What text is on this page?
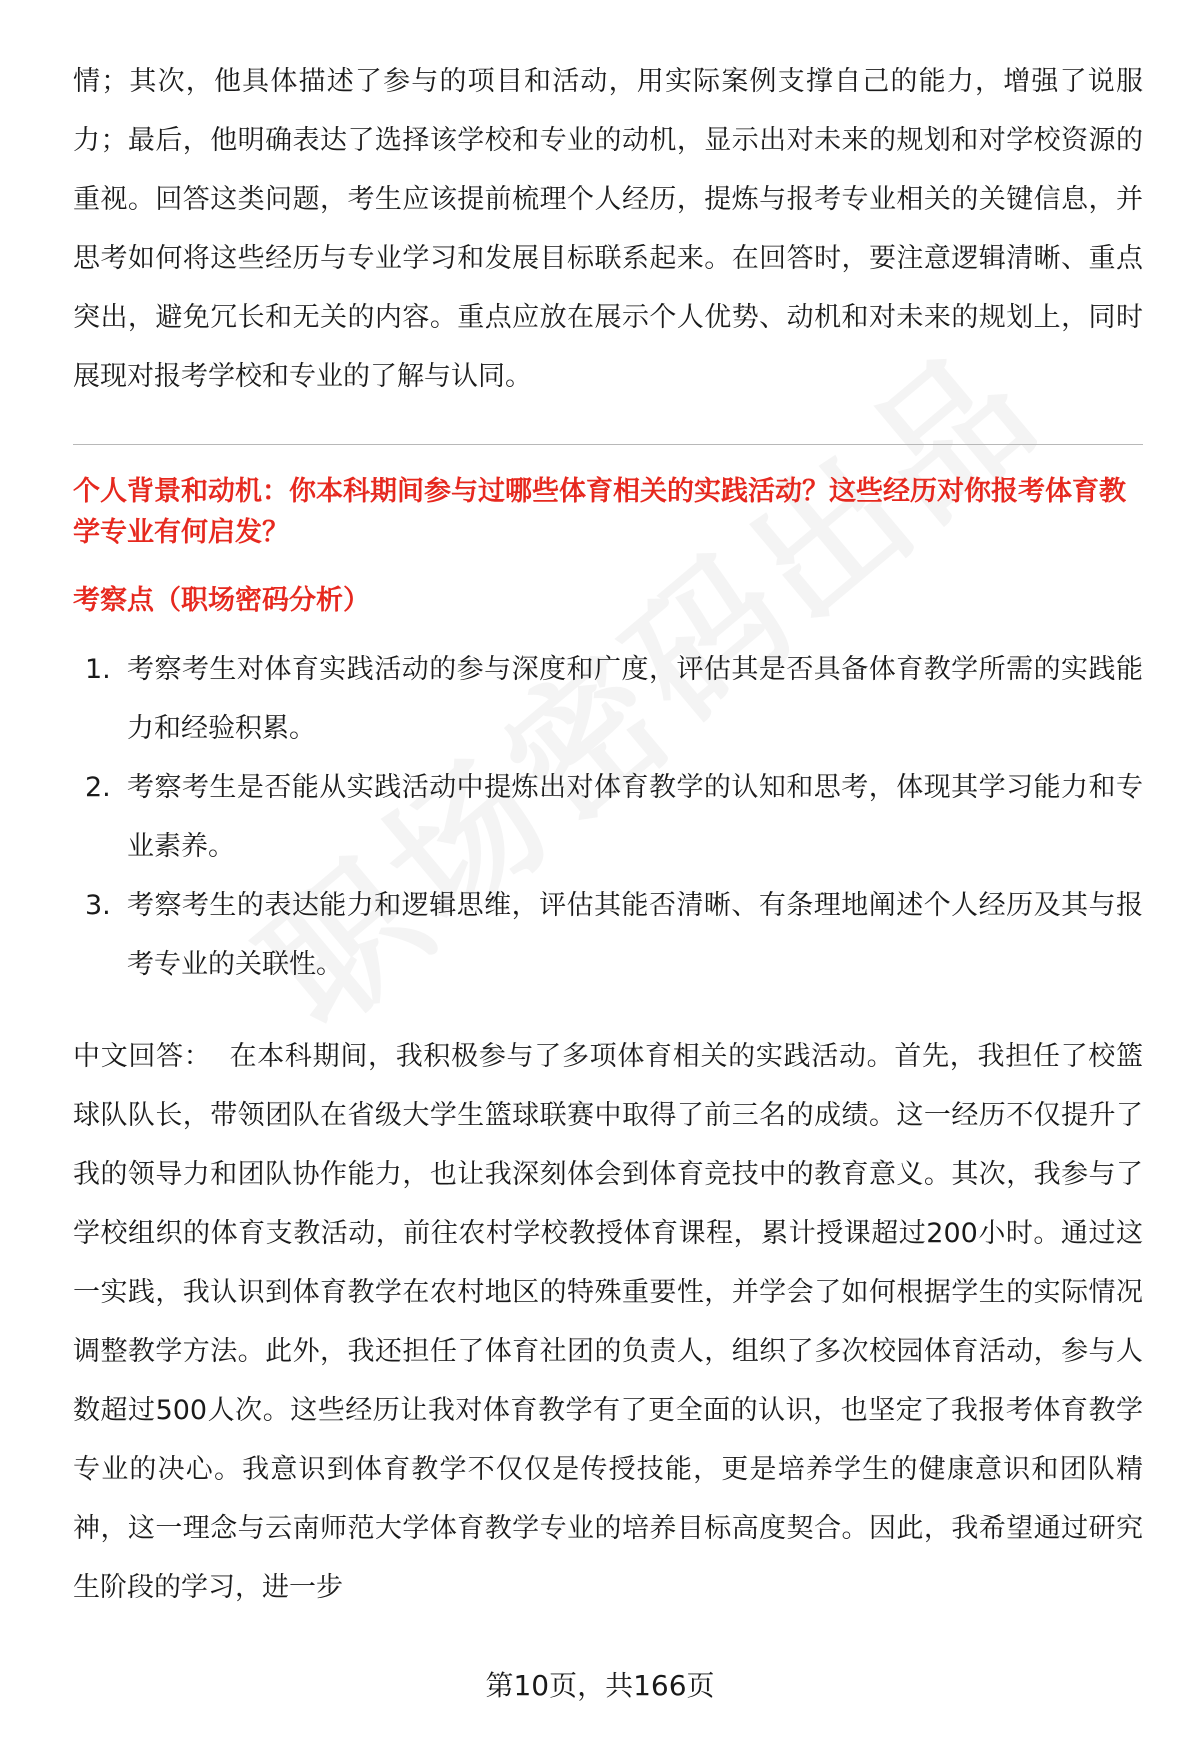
情；其次，他具体描述了参与的项目和活动，用实际案例支撑自己的能力，增强了说服力；最后，他明确表达了选择该学校和专业的动机，显示出对未来的规划和对学校资源的重视。回答这类问题，考生应该提前梳理个人经历，提炼与报考专业相关的关键信息，并思考如何将这些经历与专业学习和发展目标联系起来。在回答时，要注意逻辑清晰、重点突出，避免冗长和无关的内容。重点应放在展示个人优势、动机和对未来的规划上，同时展现对报考学校和专业的了解与认同。

个人背景和动机：你本科期间参与过哪些体育相关的实践活动？这些经历对你报考体育教学专业有何启发？

考察点（职场密码分析）

1. 考察考生对体育实践活动的参与深度和广度，评估其是否具备体育教学所需的实践能力和经验积累。
2. 考察考生是否能从实践活动中提炼出对体育教学的认知和思考，体现其学习能力和专业素养。
3. 考察考生的表达能力和逻辑思维，评估其能否清晰、有条理地阐述个人经历及其与报考专业的关联性。

中文回答： 在本科期间，我积极参与了多项体育相关的实践活动。首先，我担任了校篮球队队长，带领团队在省级大学生篮球联赛中取得了前三名的成绩。这一经历不仅提升了我的领导力和团队协作能力，也让我深刻体会到体育竞技中的教育意义。其次，我参与了学校组织的体育支教活动，前往农村学校教授体育课程，累计授课超过200小时。通过这一实践，我认识到体育教学在农村地区的特殊重要性，并学会了如何根据学生的实际情况调整教学方法。此外，我还担任了体育社团的负责人，组织了多次校园体育活动，参与人数超过500人次。这些经历让我对体育教学有了更全面的认识，也坚定了我报考体育教学专业的决心。我意识到体育教学不仅仅是传授技能，更是培养学生的健康意识和团队精神，这一理念与云南师范大学体育教学专业的培养目标高度契合。因此，我希望通过研究生阶段的学习，进一步

第10页，共166页
